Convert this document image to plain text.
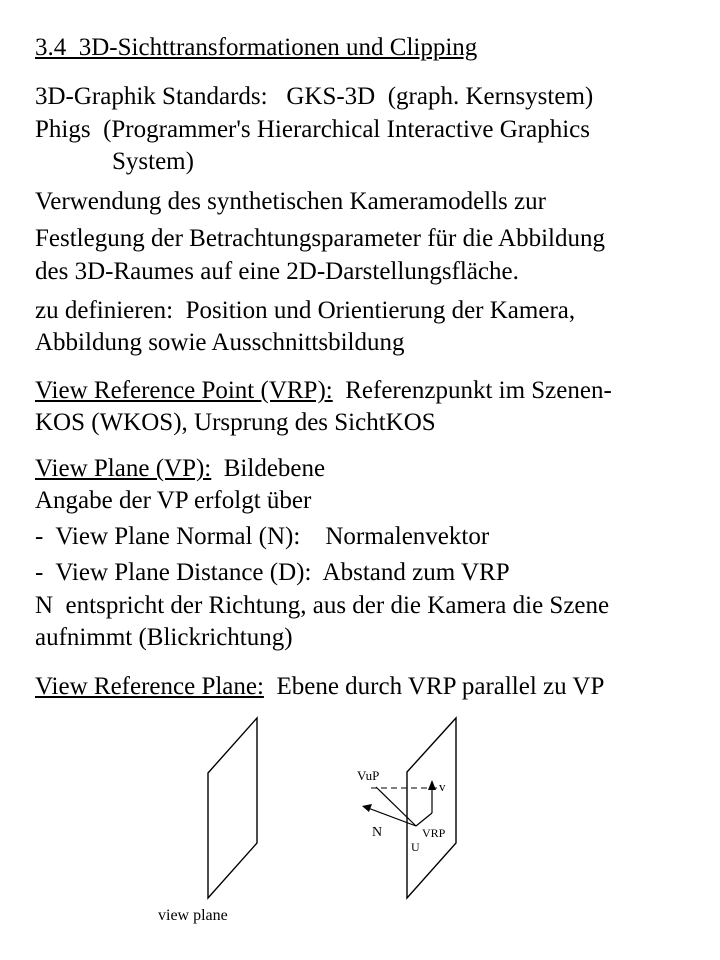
3.4  3D-Sichttransformationen und Clipping
3D-Graphik Standards: GKS-3D  (graph. Kernsystem)
Phigs  (Programmer's Hierarchical Interactive Graphics
System)
Verwendung des synthetischen Kameramodells zur
Festlegung der Betrachtungsparameter für die Abbildung
des 3D-Raumes auf eine 2D-Darstellungsfläche.
zu definieren: Position und Orientierung der Kamera,
Abbildung sowie Ausschnittsbildung
View Reference Point (VRP): Referenzpunkt im Szenen-
KOS (WKOS), Ursprung des SichtKOS
View Plane (VP): Bildebene
Angabe der VP erfolgt über
-  View Plane Normal (N): Normalenvektor
-  View Plane Distance (D):  Abstand zum VRP
N  entspricht der Richtung, aus der die Kamera die Szene
aufnimmt (Blickrichtung)
View Reference Plane: Ebene durch VRP parallel zu VP
view plane
VuP
v
N	VRP
U
